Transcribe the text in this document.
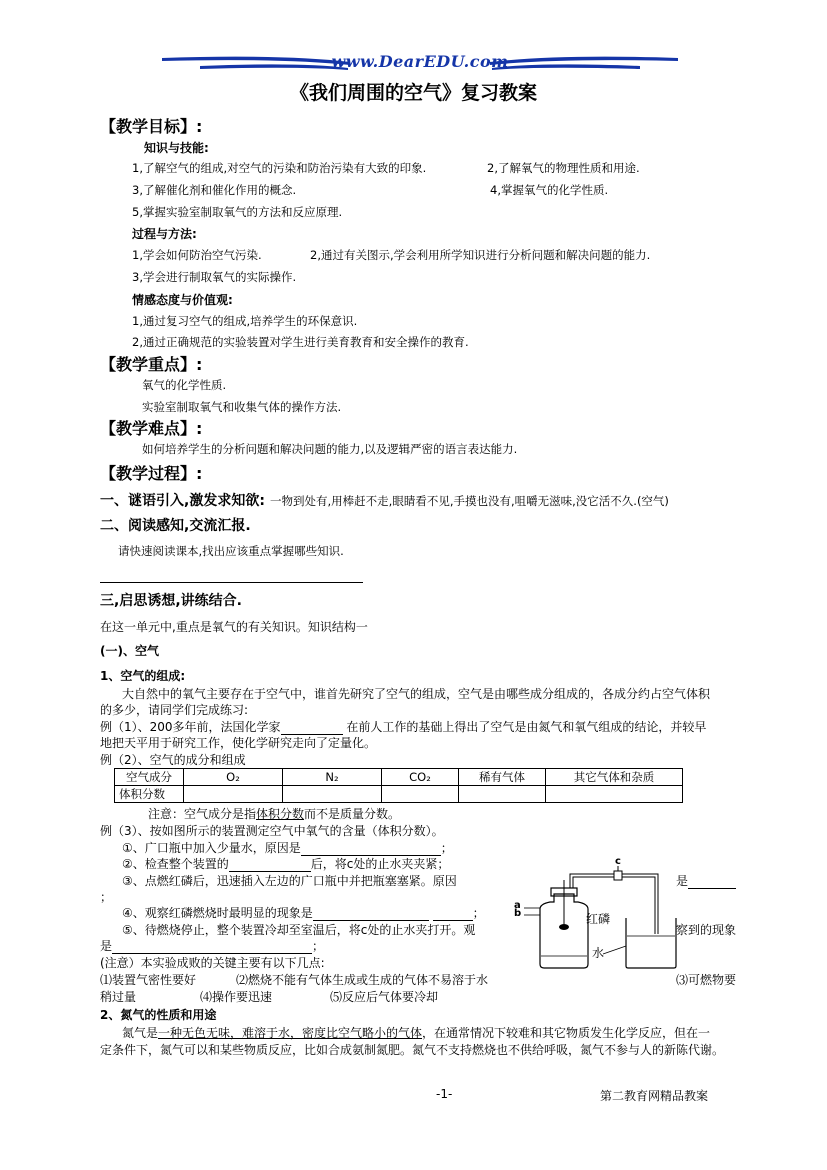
www.DearEDU.com
《我们周围的空气》复习教案
【教学目标】:
知识与技能:
1,了解空气的组成,对空气的污染和防治污染有大致的印象.	2,了解氧气的物理性质和用途.
3,了解催化剂和催化作用的概念.	4,掌握氧气的化学性质.
5,掌握实验室制取氧气的方法和反应原理.
过程与方法:
1,学会如何防治空气污染.	2,通过有关图示,学会利用所学知识进行分析问题和解决问题的能力.
3,学会进行制取氧气的实际操作.
情感态度与价值观:
1,通过复习空气的组成,培养学生的环保意识.
2,通过正确规范的实验装置对学生进行美育教育和安全操作的教育.
【教学重点】:
氧气的化学性质.
实验室制取氧气和收集气体的操作方法.
【教学难点】:
如何培养学生的分析问题和解决问题的能力,以及逻辑严密的语言表达能力.
【教学过程】:
一、谜语引入,激发求知欲: 一物到处有,用棒赶不走,眼睛看不见,手摸也没有,咀嚼无滋味,没它活不久.(空气)
二、阅读感知,交流汇报.
请快速阅读课本,找出应该重点掌握哪些知识.
三,启思诱想,讲练结合.
在这一单元中,重点是氧气的有关知识。知识结构一
(一)、空气
1、空气的组成:
大自然中的氧气主要存在于空气中，谁首先研究了空气的组成，空气是由哪些成分组成的，各成分约占空气体积
的多少，请同学们完成练习:
例（1）、200多年前，法国化学家	在前人工作的基础上得出了空气是由氮气和氧气组成的结论，并较早
地把天平用于研究工作，使化学研究走向了定量化。
例（2）、空气的成分和组成
空气成分	O₂	N₂	CO₂	稀有气体	其它气体和杂质
体积分数					
注意：空气成分是指体积分数而不是质量分数。
例（3）、按如图所示的装置测定空气中氧气的含量（体积分数）。
①、广口瓶中加入少量水，原因是	；
②、检查整个装置的	后，将c处的止水夹夹紧；
③、点燃红磷后，迅速插入左边的广口瓶中并把瓶塞塞紧。原因	是
；
④、观察红磷燃烧时最明显的现象是	；
⑤、待燃烧停止，整个装置冷却至室温后，将c处的止水夹打开。观	察到的现象
是	；
(注意）本实验成败的关键主要有以下几点:
⑴装置气密性要好	⑵燃烧不能有气体生成或生成的气体不易溶于水	⑶可燃物要
稍过量	⑷操作要迅速	⑸反应后气体要冷却
2、氮气的性质和用途
氮气是一种无色无味，难溶于水，密度比空气略小的气体，在通常情况下较难和其它物质发生化学反应，但在一
定条件下，氮气可以和某些物质反应，比如合成氨制氮肥。氮气不支持燃烧也不供给呼吸，氮气不参与人的新陈代谢。
c
a
b	红磷
水
-1-	第二教育网精品教案
